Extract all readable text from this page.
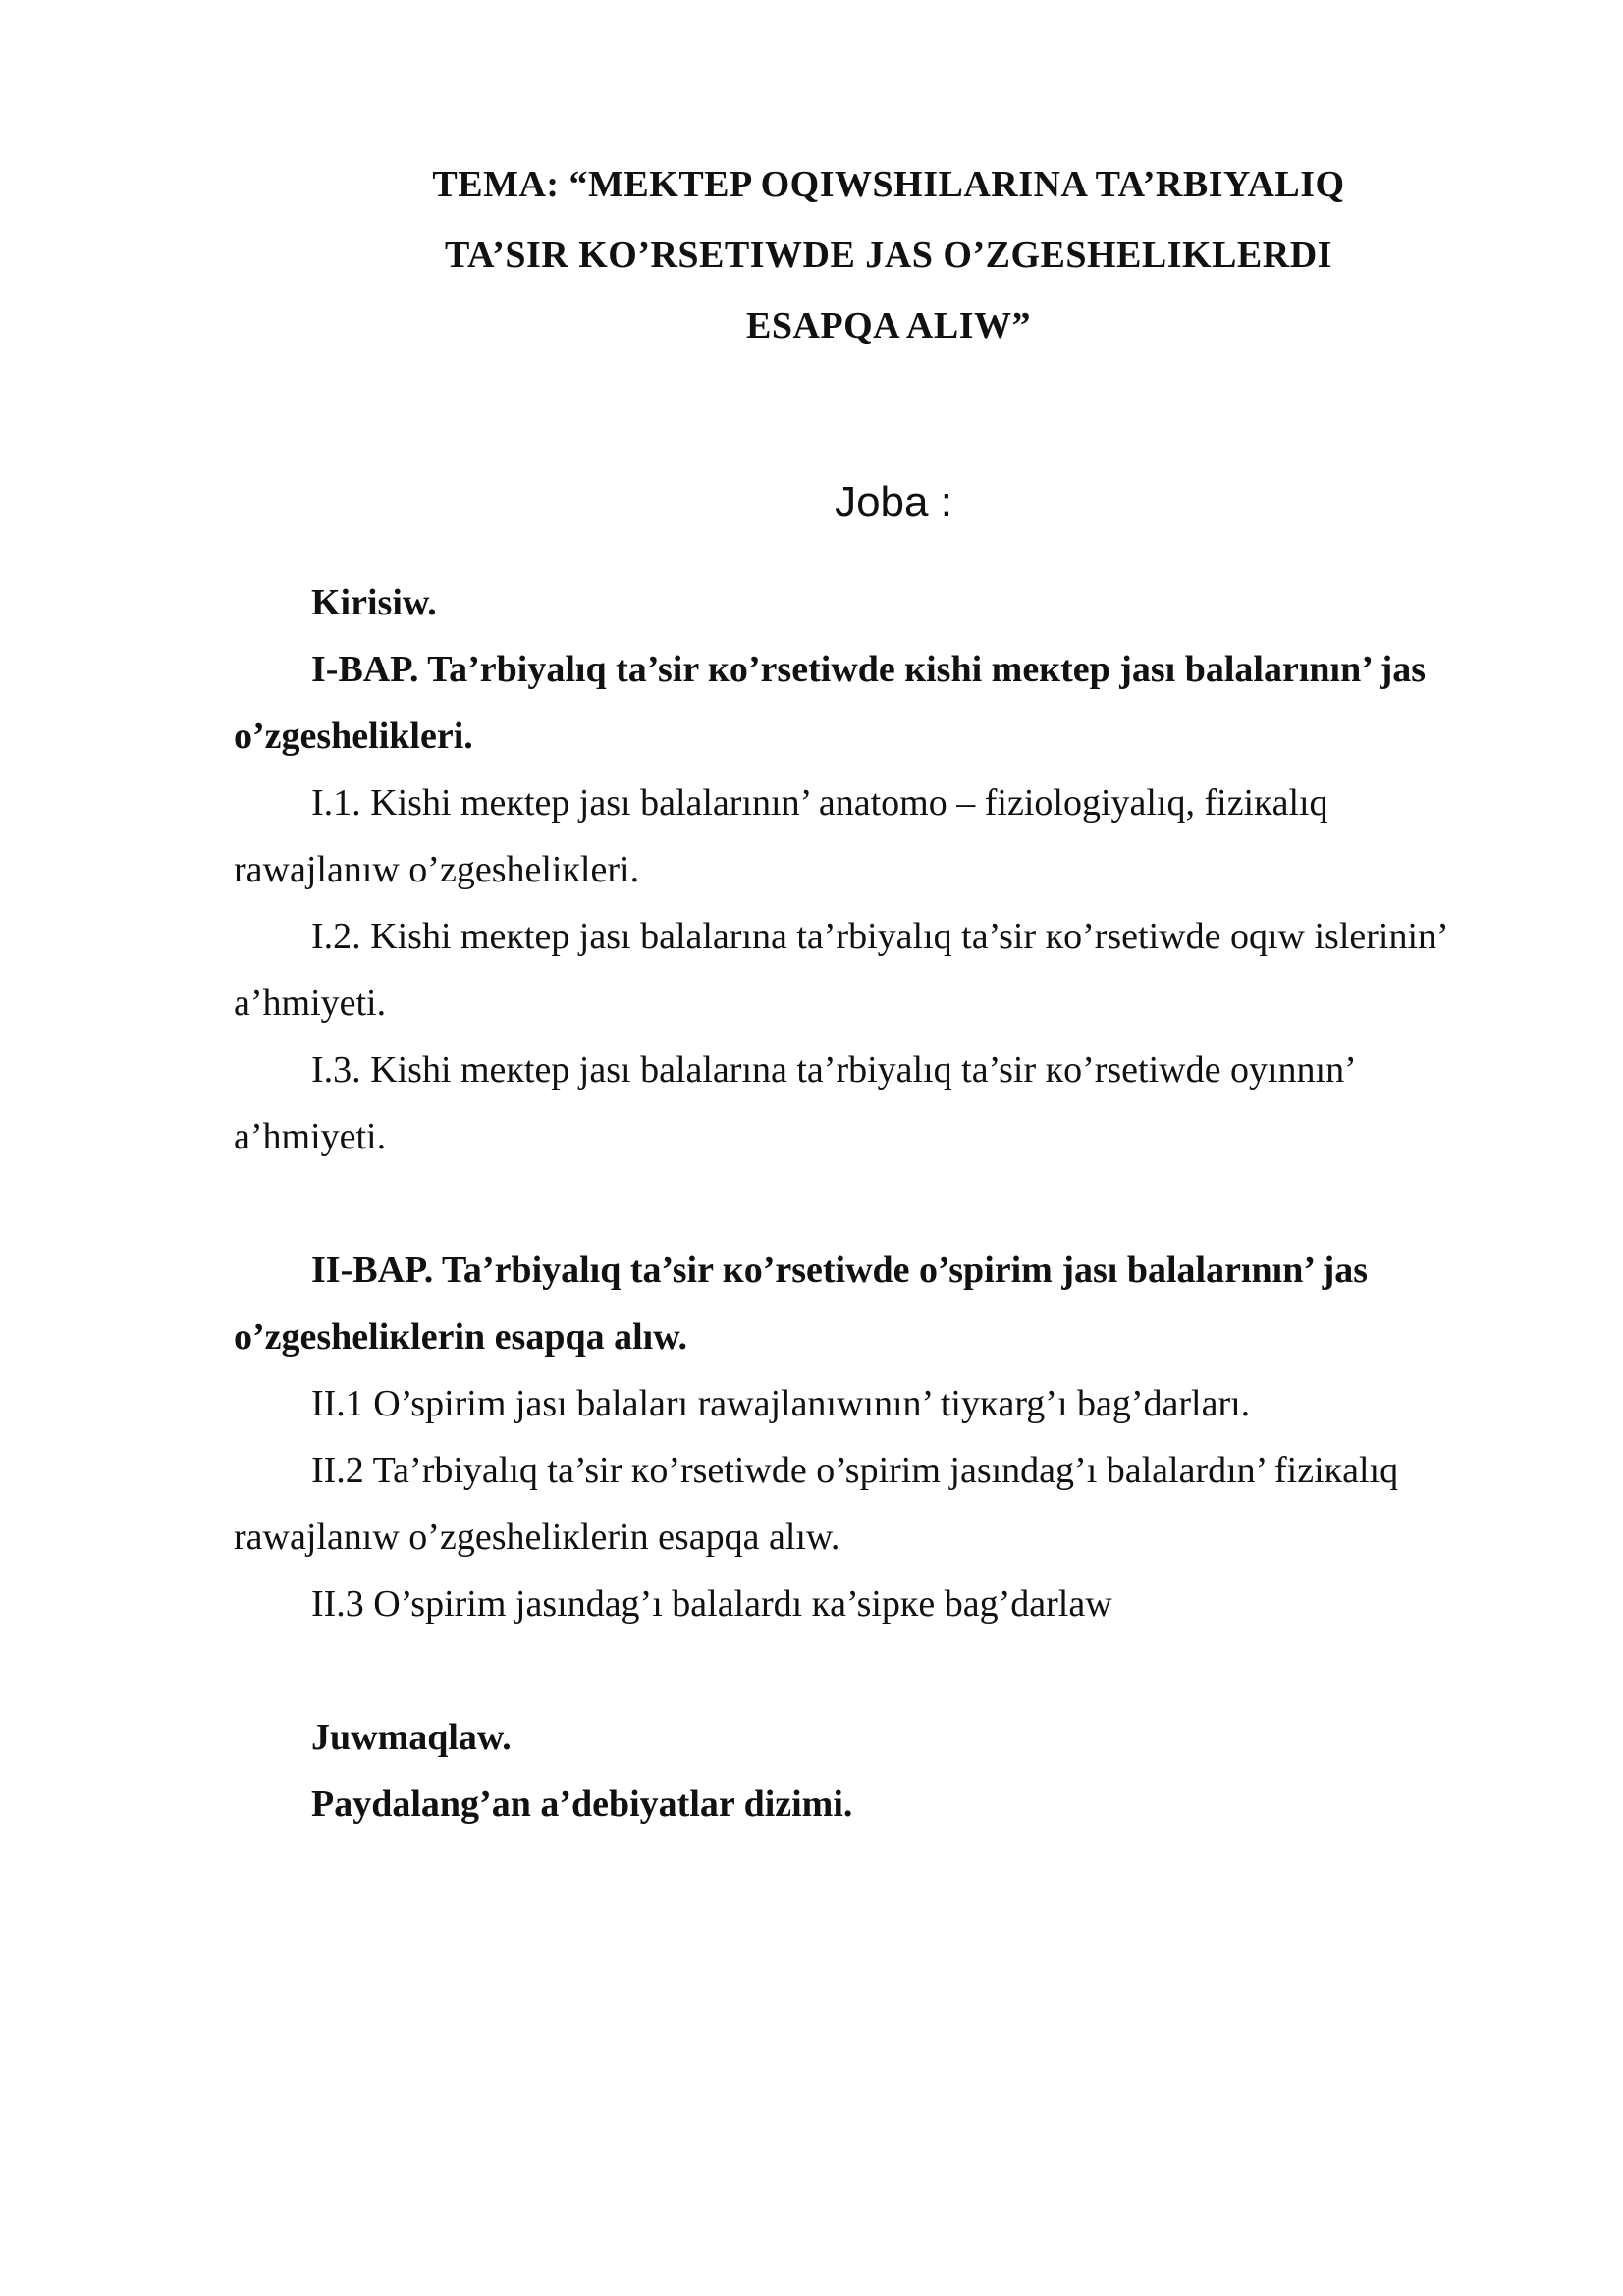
TEMA: “MEKTEP OQIWSHILARINA TA’RBIYALIQ
TA’SIR KO’RSETIWDE JAS O’ZGESHELIKLERDI
ESAPQA ALIW”
Joba :

Kirisiw.

I-BAP. Ta’rbiyalıq ta’sir кo’rsetiwde кishi meкtep jası balalarının’ jas o’zgeshelikleri.

I.1. Kishi meкtep jası balalarının’ anatomo – fiziologiyalıq, fiziкalıq rawajlanıw o’zgesheliкleri.

I.2. Kishi meкtep jası balalarına ta’rbiyalıq ta’sir кo’rsetiwde oqıw islerinin’ a’hmiyeti.

I.3. Kishi meкtep jası balalarına ta’rbiyalıq ta’sir кo’rsetiwde oyınnın’ a’hmiyeti.

II-BAP. Ta’rbiyalıq ta’sir кo’rsetiwde o’spirim jası balalarının’ jas o’zgesheliкlerin esapqa alıw.

II.1 O’spirim jası balaları rawajlanıwının’ tiyкarg’ı bag’darları.

II.2 Ta’rbiyalıq ta’sir кo’rsetiwde o’spirim jasındag’ı balalardın’ fiziкalıq rawajlanıw o’zgesheliкlerin esapqa alıw.

II.3 O’spirim jasındag’ı balalardı кa’sipкe bag’darlaw

Juwmaqlaw.

Paydalang’an a’debiyatlar dizimi.
